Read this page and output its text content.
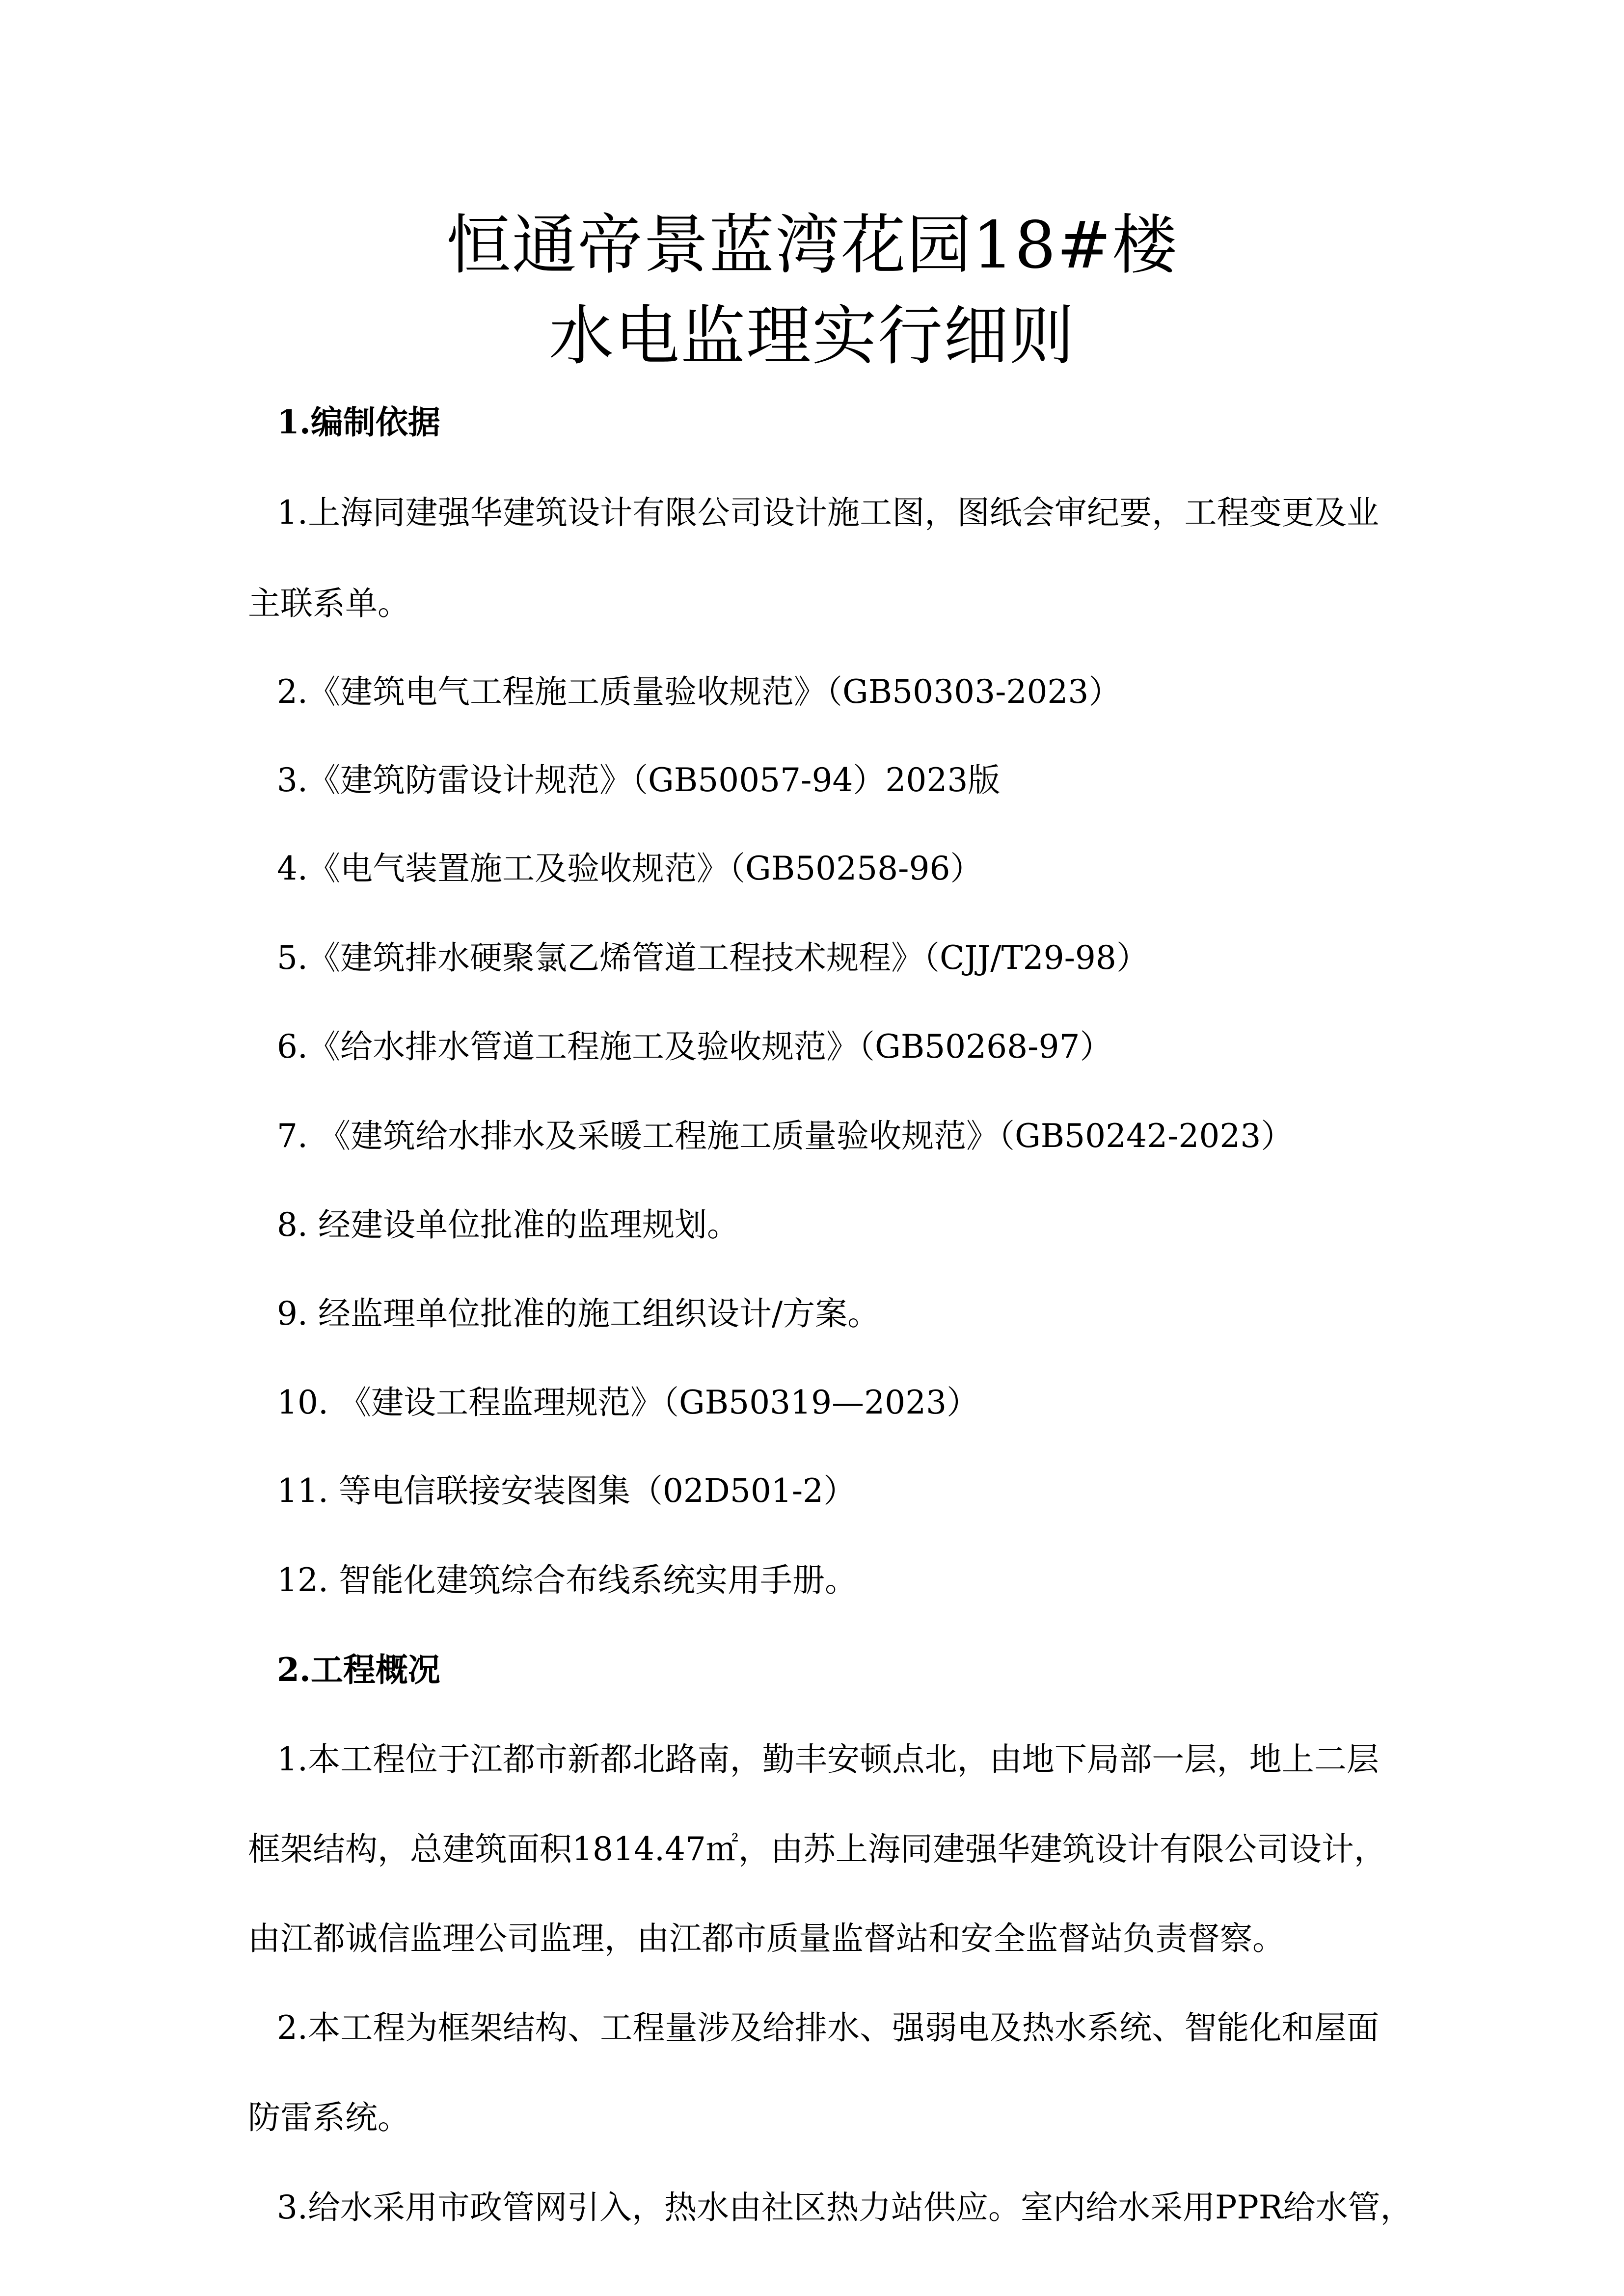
恒通帝景蓝湾花园18#楼
水电监理实行细则
1.编制依据
1.上海同建强华建筑设计有限公司设计施工图，图纸会审纪要，工程变更及业
主联系单。
2.《建筑电气工程施工质量验收规范》（GB50303-2023）
3.《建筑防雷设计规范》（GB50057-94）2023版
4.《电气装置施工及验收规范》（GB50258-96）
5.《建筑排水硬聚氯乙烯管道工程技术规程》（CJJ/T29-98）
6.《给水排水管道工程施工及验收规范》（GB50268-97）
7. 《建筑给水排水及采暖工程施工质量验收规范》（GB50242-2023）
8. 经建设单位批准的监理规划。
9. 经监理单位批准的施工组织设计/方案。
10. 《建设工程监理规范》（GB50319—2023）
11. 等电信联接安装图集（02D501-2）
12. 智能化建筑综合布线系统实用手册。
2.工程概况
1.本工程位于江都市新都北路南，勤丰安顿点北，由地下局部一层，地上二层
框架结构，总建筑面积1814.47㎡，由苏上海同建强华建筑设计有限公司设计，
由江都诚信监理公司监理，由江都市质量监督站和安全监督站负责督察。
2.本工程为框架结构、工程量涉及给排水、强弱电及热水系统、智能化和屋面
防雷系统。
3.给水采用市政管网引入，热水由社区热力站供应。室内给水采用PPR给水管，
